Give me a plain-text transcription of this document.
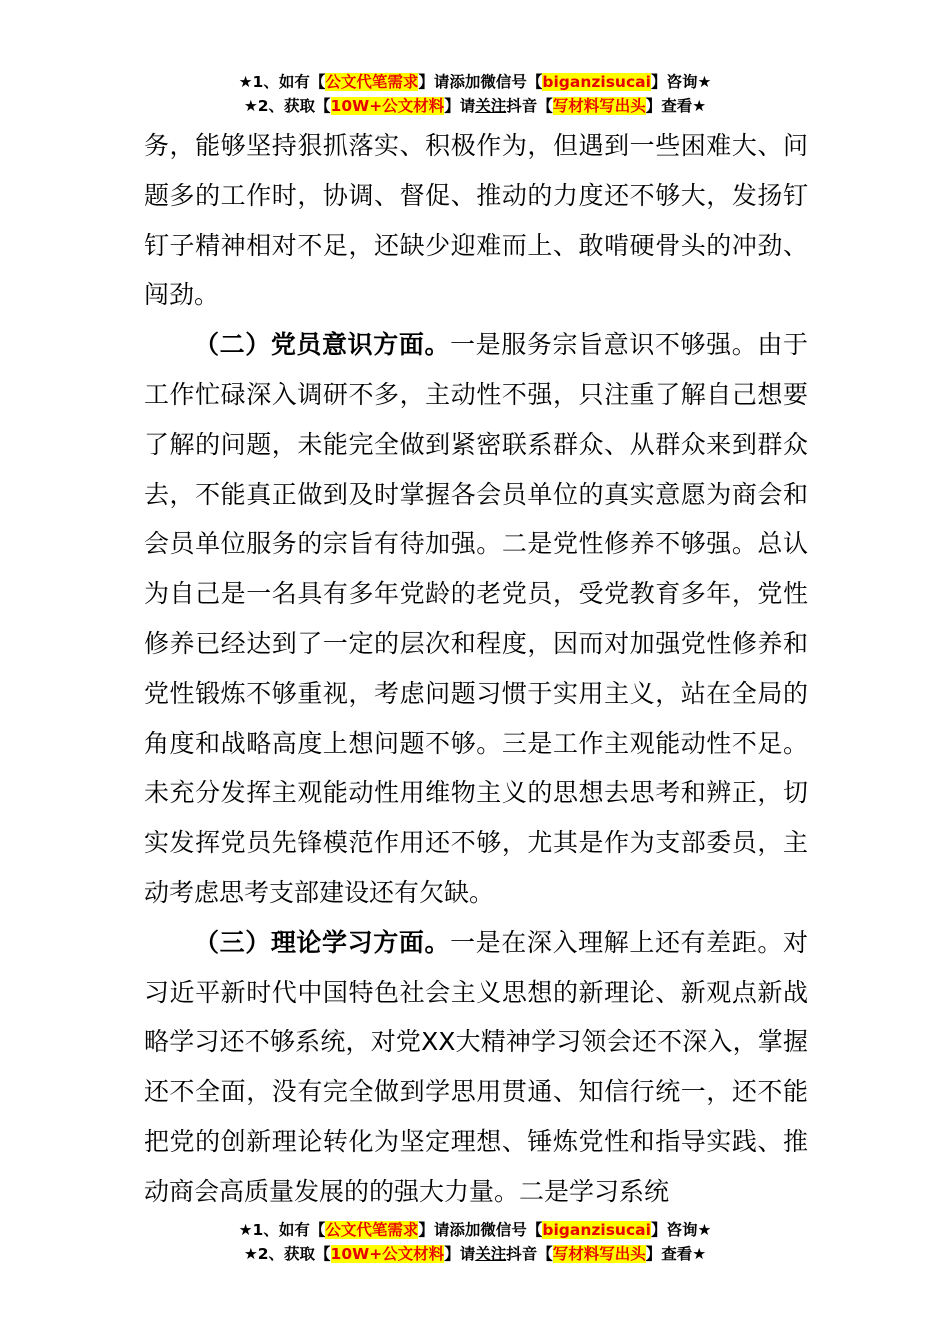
★1、如有【公文代笔需求】请添加微信号【biganzisucai】咨询★
★2、获取【10W+公文材料】请关注抖音【写材料写出头】查看★

务，能够坚持狠抓落实、积极作为，但遇到一些困难大、问题多的工作时，协调、督促、推动的力度还不够大，发扬钉钉子精神相对不足，还缺少迎难而上、敢啃硬骨头的冲劲、闯劲。

（二）党员意识方面。一是服务宗旨意识不够强。由于工作忙碌深入调研不多，主动性不强，只注重了解自己想要了解的问题，未能完全做到紧密联系群众、从群众来到群众去，不能真正做到及时掌握各会员单位的真实意愿为商会和会员单位服务的宗旨有待加强。二是党性修养不够强。总认为自己是一名具有多年党龄的老党员，受党教育多年，党性修养已经达到了一定的层次和程度，因而对加强党性修养和党性锻炼不够重视，考虑问题习惯于实用主义，站在全局的角度和战略高度上想问题不够。三是工作主观能动性不足。未充分发挥主观能动性用维物主义的思想去思考和辨正，切实发挥党员先锋模范作用还不够，尤其是作为支部委员，主动考虑思考支部建设还有欠缺。

（三）理论学习方面。一是在深入理解上还有差距。对习近平新时代中国特色社会主义思想的新理论、新观点新战略学习还不够系统，对党XX大精神学习领会还不深入，掌握还不全面，没有完全做到学思用贯通、知信行统一，还不能把党的创新理论转化为坚定理想、锤炼党性和指导实践、推动商会高质量发展的的强大力量。二是学习系统

★1、如有【公文代笔需求】请添加微信号【biganzisucai】咨询★
★2、获取【10W+公文材料】请关注抖音【写材料写出头】查看★
